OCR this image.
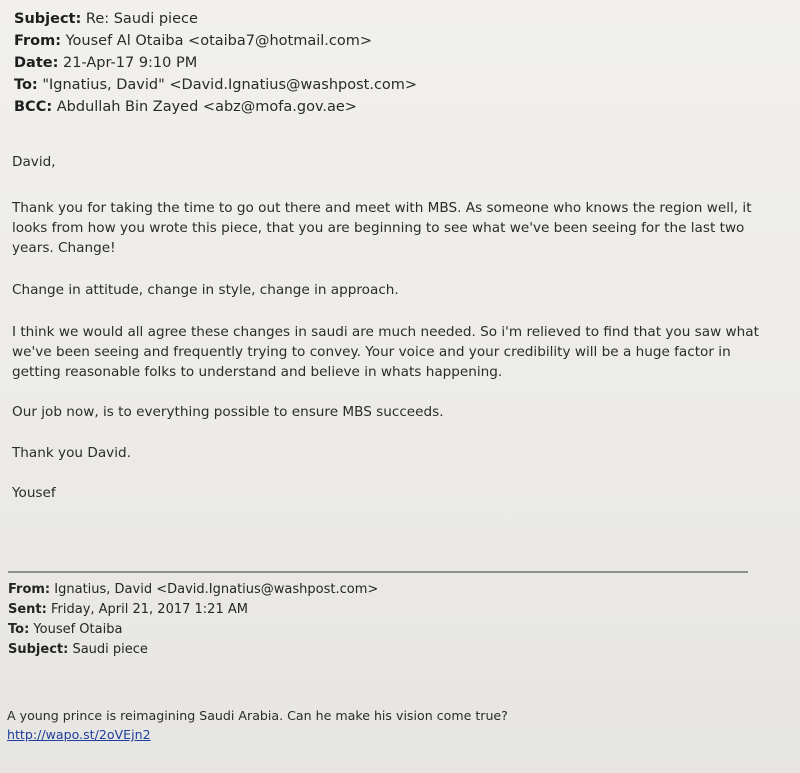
Subject: Re: Saudi piece
From: Yousef Al Otaiba <otaiba7@hotmail.com>
Date: 21-Apr-17 9:10 PM
To: "Ignatius, David" <David.Ignatius@washpost.com>
BCC: Abdullah Bin Zayed <abz@mofa.gov.ae>

David,

Thank you for taking the time to go out there and meet with MBS. As someone who knows the region well, it looks from how you wrote this piece, that you are beginning to see what we've been seeing for the last two years. Change!

Change in attitude, change in style, change in approach.

I think we would all agree these changes in saudi are much needed. So i'm relieved to find that you saw what we've been seeing and frequently trying to convey. Your voice and your credibility will be a huge factor in getting reasonable folks to understand and believe in whats happening.

Our job now, is to everything possible to ensure MBS succeeds.

Thank you David.

Yousef

From: Ignatius, David <David.Ignatius@washpost.com>
Sent: Friday, April 21, 2017 1:21 AM
To: Yousef Otaiba
Subject: Saudi piece
A young prince is reimagining Saudi Arabia. Can he make his vision come true?
http://wapo.st/2oVEjn2
